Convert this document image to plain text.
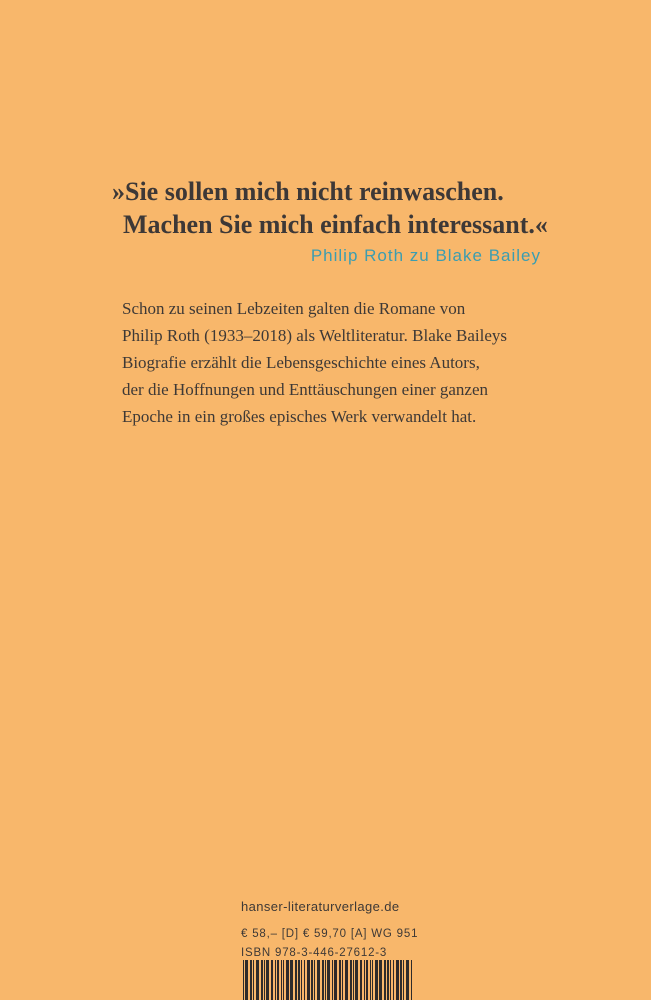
»Sie sollen mich nicht reinwaschen.
Machen Sie mich einfach interessant.«
Philip Roth zu Blake Bailey
Schon zu seinen Lebzeiten galten die Romane von
Philip Roth (1933–2018) als Weltliteratur. Blake Baileys
Biografie erzählt die Lebensgeschichte eines Autors,
der die Hoffnungen und Enttäuschungen einer ganzen
Epoche in ein großes episches Werk verwandelt hat.
hanser-literaturverlage.de
€ 58,– [D] € 59,70 [A] WG 951
ISBN 978-3-446-27612-3
